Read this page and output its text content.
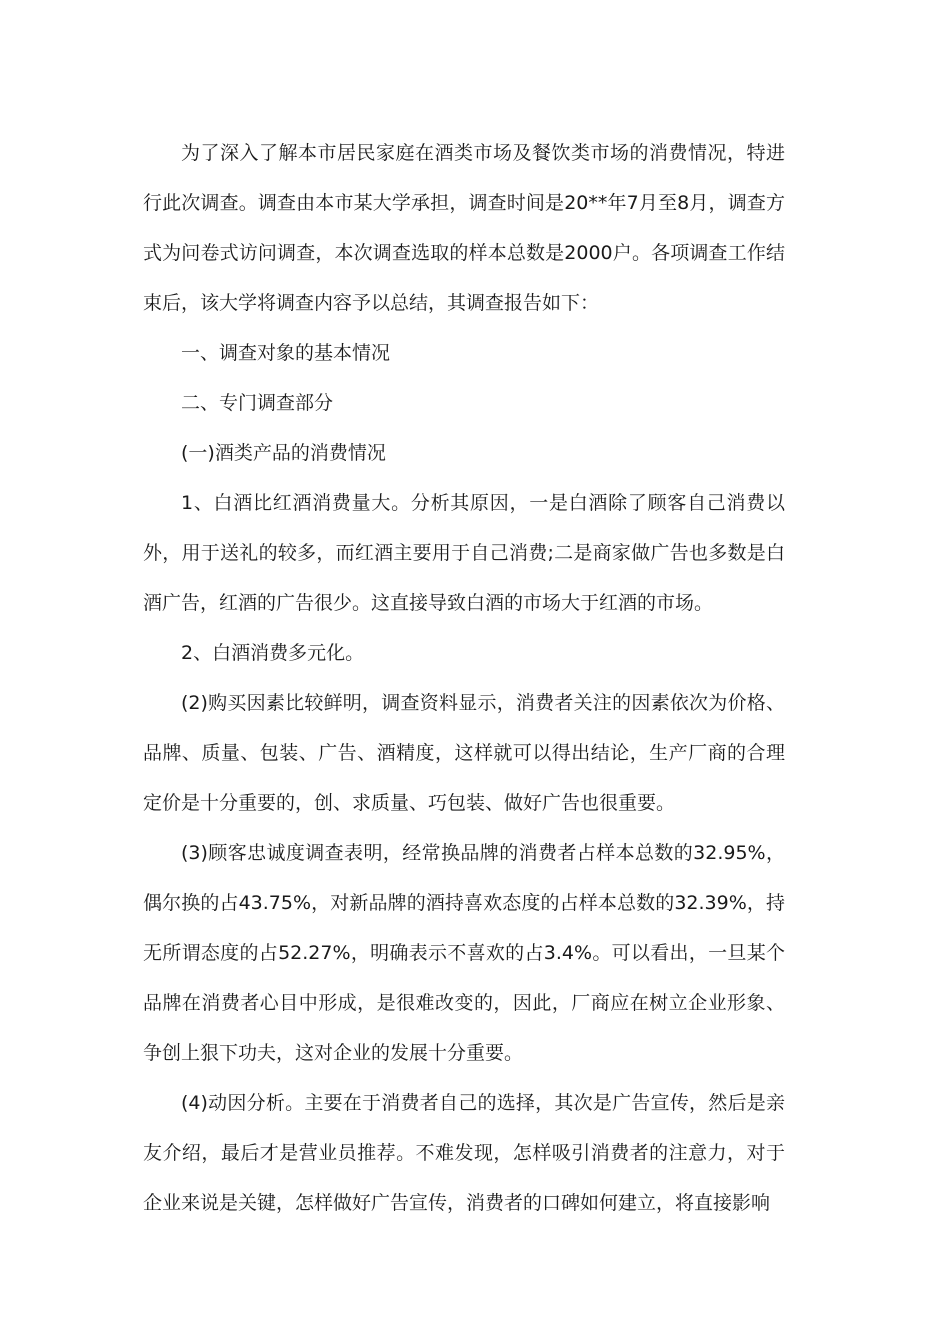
为了深入了解本市居民家庭在酒类市场及餐饮类市场的消费情况，特进行此次调查。调查由本市某大学承担，调查时间是20**年7月至8月，调查方式为问卷式访问调查，本次调查选取的样本总数是2000户。各项调查工作结束后，该大学将调查内容予以总结，其调查报告如下：

一、调查对象的基本情况

二、专门调查部分

(一)酒类产品的消费情况

1、白酒比红酒消费量大。分析其原因，一是白酒除了顾客自己消费以外，用于送礼的较多，而红酒主要用于自己消费;二是商家做广告也多数是白酒广告，红酒的广告很少。这直接导致白酒的市场大于红酒的市场。

2、白酒消费多元化。

(2)购买因素比较鲜明，调查资料显示，消费者关注的因素依次为价格、品牌、质量、包装、广告、酒精度，这样就可以得出结论，生产厂商的合理定价是十分重要的，创、求质量、巧包装、做好广告也很重要。

(3)顾客忠诚度调查表明，经常换品牌的消费者占样本总数的32.95%，偶尔换的占43.75%，对新品牌的酒持喜欢态度的占样本总数的32.39%，持无所谓态度的占52.27%，明确表示不喜欢的占3.4%。可以看出，一旦某个品牌在消费者心目中形成，是很难改变的，因此，厂商应在树立企业形象、争创上狠下功夫，这对企业的发展十分重要。

(4)动因分析。主要在于消费者自己的选择，其次是广告宣传，然后是亲友介绍，最后才是营业员推荐。不难发现，怎样吸引消费者的注意力，对于企业来说是关键，怎样做好广告宣传，消费者的口碑如何建立，将直接影响
